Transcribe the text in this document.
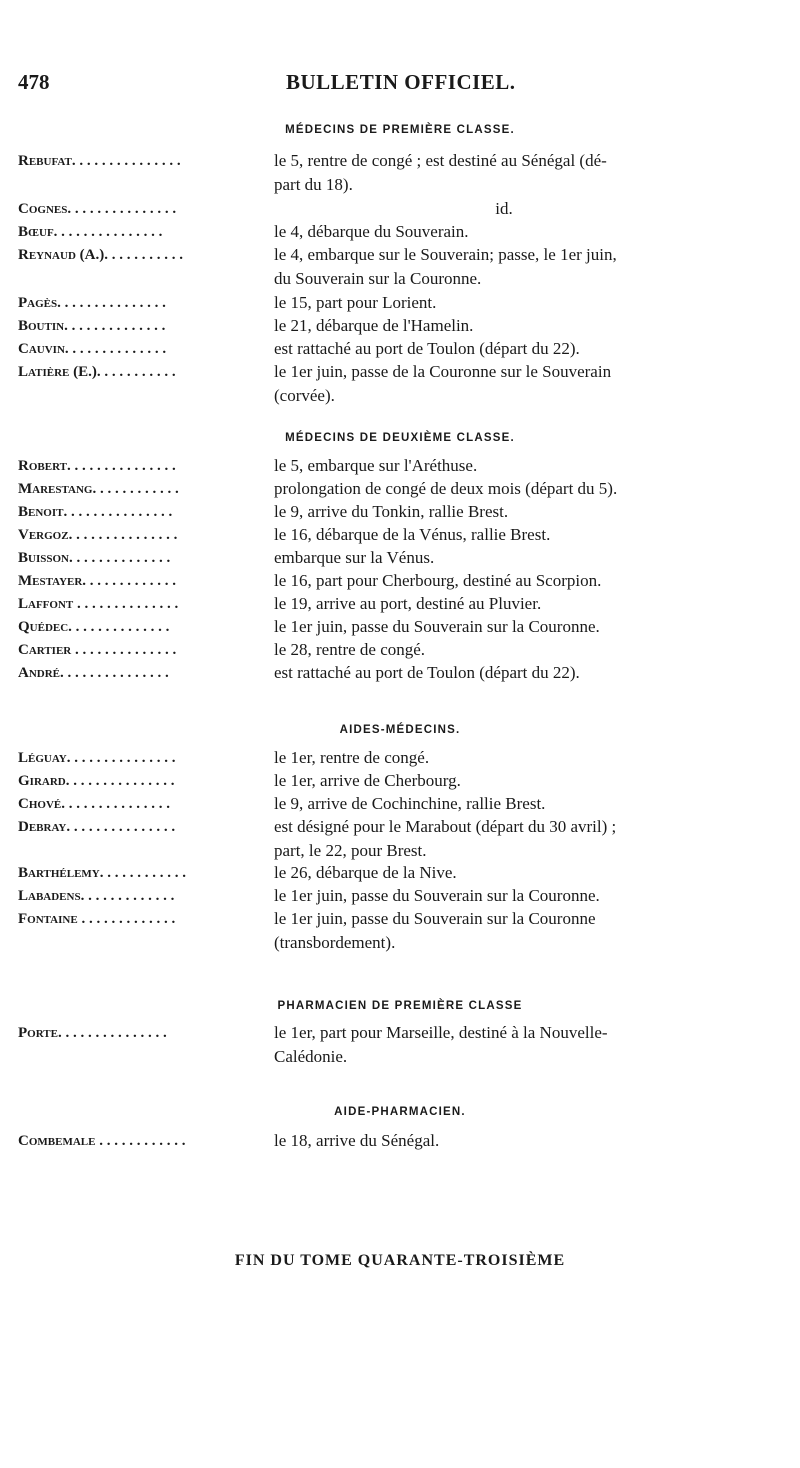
478	BULLETIN OFFICIEL.
FIN DU TOME QUARANTE-TROISIÈME
MÉDECINS DE PREMIÈRE CLASSE.
Rebufat. . . . . . . . . . . . . . .	le 5, rentre de congé ; est destiné au Sénégal (dé-
part du 18).
Cognes. . . . . . . . . . . . . . .	id.
Bœuf. . . . . . . . . . . . . . .	le 4, débarque du Souverain.
Reynaud (A.). . . . . . . . . . .	le 4, embarque sur le Souverain; passe, le 1er juin,
du Souverain sur la Couronne.
Pagès. . . . . . . . . . . . . . .	le 15, part pour Lorient.
Boutin. . . . . . . . . . . . . .	le 21, débarque de l'Hamelin.
Cauvin. . . . . . . . . . . . . .	est rattaché au port de Toulon (départ du 22).
Latière (E.). . . . . . . . . . .	le 1er juin, passe de la Couronne sur le Souverain
(corvée).
MÉDECINS DE DEUXIÈME CLASSE.
Robert. . . . . . . . . . . . . . .	le 5, embarque sur l'Aréthuse.
Marestang. . . . . . . . . . . .	prolongation de congé de deux mois (départ du 5).
Benoit. . . . . . . . . . . . . . .	le 9, arrive du Tonkin, rallie Brest.
Vergoz. . . . . . . . . . . . . . .	le 16, débarque de la Vénus, rallie Brest.
Buisson. . . . . . . . . . . . . .	embarque sur la Vénus.
Mestayer. . . . . . . . . . . . .	le 16, part pour Cherbourg, destiné au Scorpion.
Laffont . . . . . . . . . . . . . .	le 19, arrive au port, destiné au Pluvier.
Quédec. . . . . . . . . . . . . .	le 1er juin, passe du Souverain sur la Couronne.
Cartier . . . . . . . . . . . . . .	le 28, rentre de congé.
André. . . . . . . . . . . . . . .	est rattaché au port de Toulon (départ du 22).
AIDES-MÉDECINS.
Léguay. . . . . . . . . . . . . . .	le 1er, rentre de congé.
Girard. . . . . . . . . . . . . . .	le 1er, arrive de Cherbourg.
Chové. . . . . . . . . . . . . . .	le 9, arrive de Cochinchine, rallie Brest.
Debray. . . . . . . . . . . . . . .	est désigné pour le Marabout (départ du 30 avril) ;
part, le 22, pour Brest.
Barthélemy. . . . . . . . . . . .	le 26, débarque de la Nive.
Labadens. . . . . . . . . . . . .	le 1er juin, passe du Souverain sur la Couronne.
Fontaine . . . . . . . . . . . . .	le 1er juin, passe du Souverain sur la Couronne
(transbordement).
PHARMACIEN DE PREMIÈRE CLASSE
Porte. . . . . . . . . . . . . . .	le 1er, part pour Marseille, destiné à la Nouvelle-
Calédonie.
AIDE-PHARMACIEN.
Combemale . . . . . . . . . . . .	le 18, arrive du Sénégal.
